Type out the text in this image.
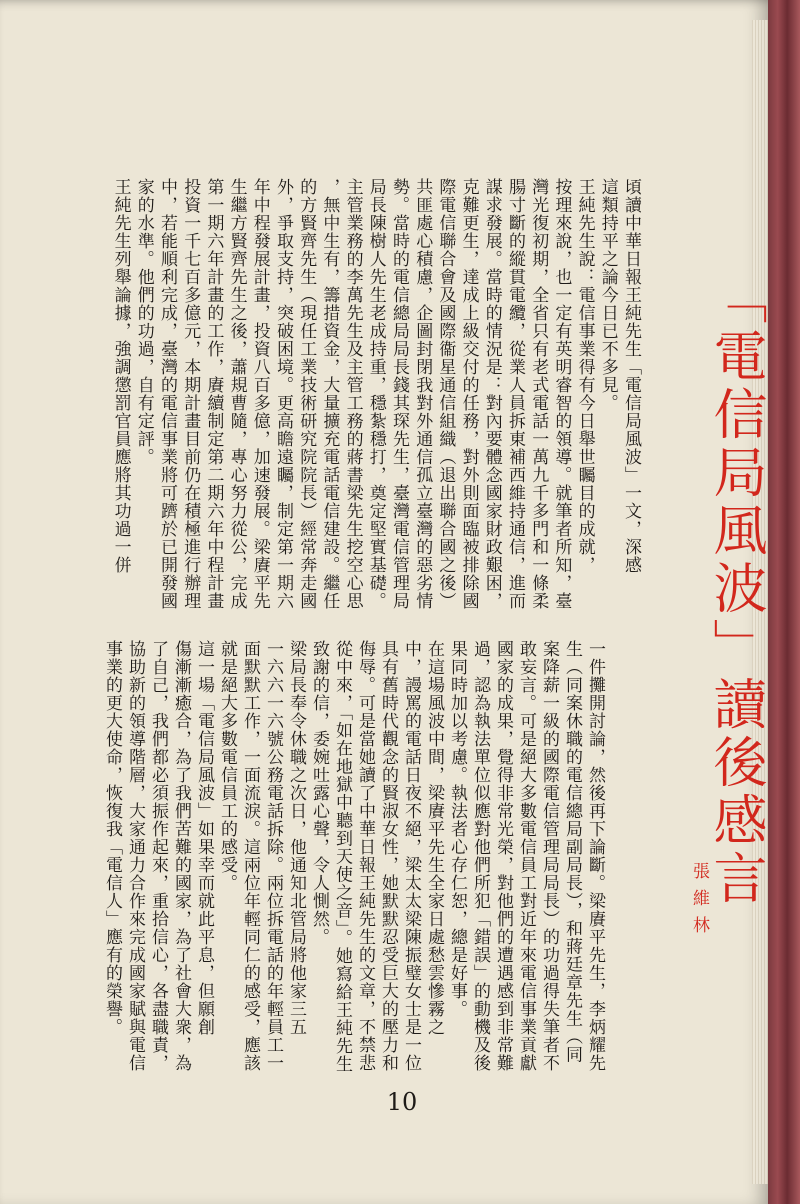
「電信局風波」讀後感言
張維林
頃讀中華日報王純先生「電信局風波」一文，深感
這類持平之論今日已不多見。
王純先生說：電信事業得有今日舉世矚目的成就，
按理來說，也一定有英明睿智的領導。就筆者所知，臺
灣光復初期，全省只有老式電話一萬九千多門和一條柔
腸寸斷的縱貫電纜，從業人員拆東補西維持通信，進而
謀求發展。當時的情況是：對內要體念國家財政艱困，
克難更生，達成上級交付的任務，對外則面臨被排除國
際電信聯合會及國際衞星通信組織（退出聯合國之後）
共匪處心積慮，企圖封閉我對外通信孤立臺灣的惡劣情
勢。當時的電信總局局長錢其琛先生，臺灣電信管理局
局長陳樹人先生老成持重，穩紮穩打，奠定堅實基礎。
主管業務的李萬先生及主管工務的蔣書梁先生挖空心思
，無中生有，籌措資金，大量擴充電話電信建設。繼任
的方賢齊先生（現任工業技術研究院院長）經常奔走國
外，爭取支持，突破困境。更高瞻遠矚，制定第一期六
年中程發展計畫，投資八百多億，加速發展。梁賡平先
生繼方賢齊先生之後，蕭規曹隨，專心努力從公，完成
第一期六年計畫的工作，賡續制定第二期六年中程計畫
投資一千七百多億元，本期計畫目前仍在積極進行辦理
中，若能順利完成，臺灣的電信事業將可躋於已開發國
家的水準。他們的功過，自有定評。
王純先生列舉論據，強調懲罰官員應將其功過一併
一件攤開討論，然後再下論斷。梁賡平先生，李炳耀先
生（同案休職的電信總局副局長），和蔣廷章先生（同
案降薪一級的國際電信管理局局長）的功過得失筆者不
敢妄言。可是絕大多數電信員工對近年來電信事業貢獻
國家的成果，覺得非常光榮，對他們的遭遇感到非常難
過，認為執法單位似應對他們所犯「錯誤」的動機及後
果同時加以考慮。執法者心存仁恕，總是好事。
在這場風波中間，梁賡平先生全家日處愁雲慘霧之
中，謾罵的電話日夜不絕，梁太太梁陳振璧女士是一位
具有舊時代觀念的賢淑女性，她默默忍受巨大的壓力和
侮辱。可是當她讀了中華日報王純先生的文章，不禁悲
從中來，「如在地獄中聽到天使之音」。她寫給王純先生
致謝的信，委婉吐露心聲，令人惻然。
梁局長奉令休職之次日，他通知北管局將他家三五
一六六一六號公務電話拆除。兩位拆電話的年輕員工一
面默默工作，一面流淚。這兩位年輕同仁的感受，應該
就是絕大多數電信員工的感受。
這一場「電信局風波」如果幸而就此平息，但願創
傷漸漸癒合，為了我們苦難的國家，為了社會大衆，為
了自己，我們都必須振作起來，重拾信心，各盡職責，
協助新的領導階層，大家通力合作來完成國家賦與電信
事業的更大使命，恢復我「電信人」應有的榮譽。
10
